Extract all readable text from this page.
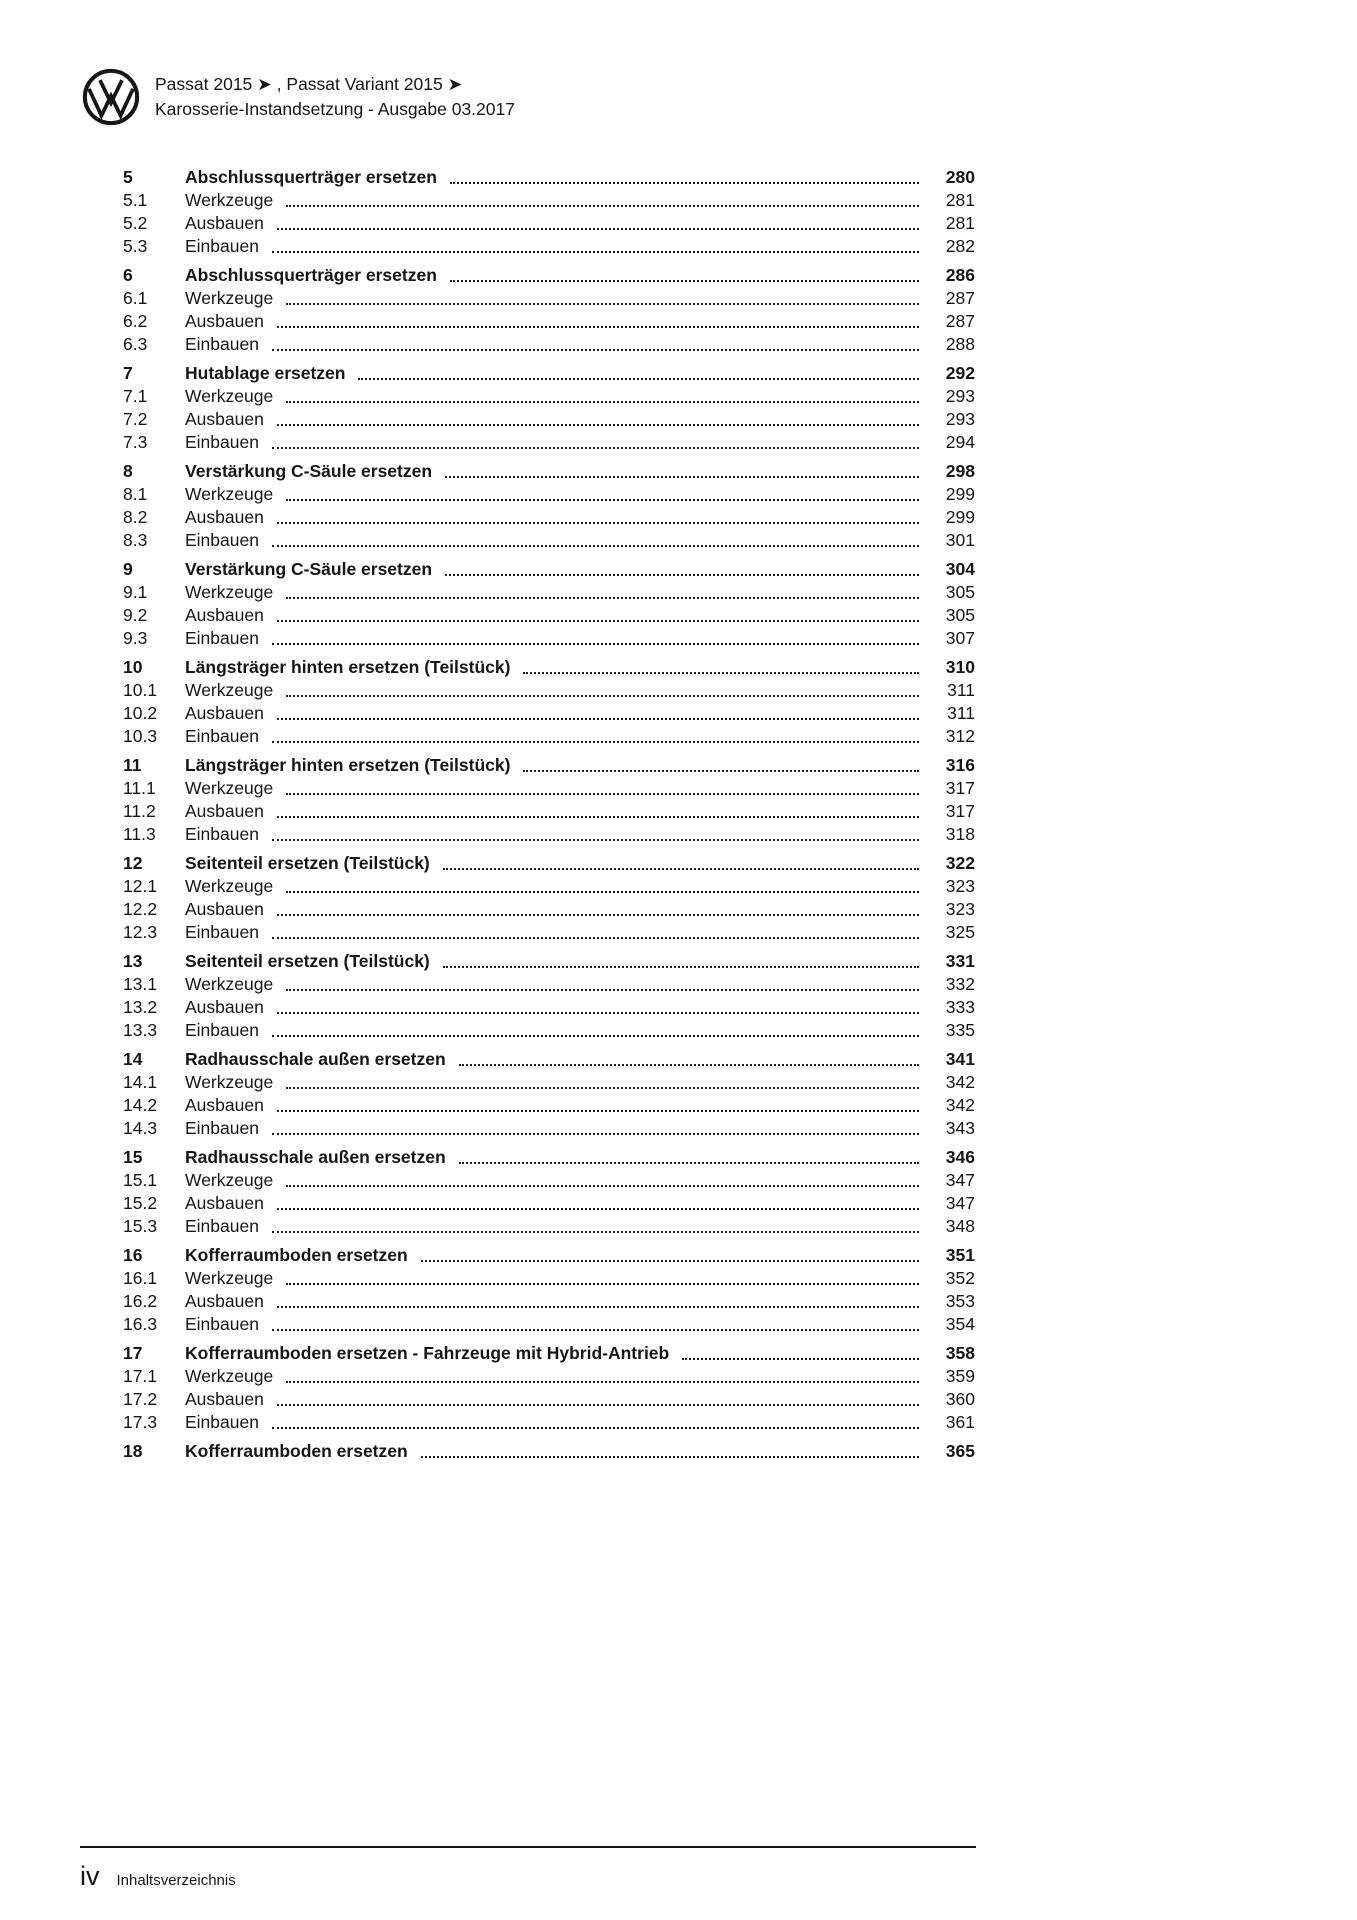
Passat 2015 ➤ , Passat Variant 2015 ➤
Karosserie-Instandsetzung - Ausgabe 03.2017
5	Abschlussquerträger ersetzen	280
5.1	Werkzeuge	281
5.2	Ausbauen	281
5.3	Einbauen	282
6	Abschlussquerträger ersetzen	286
6.1	Werkzeuge	287
6.2	Ausbauen	287
6.3	Einbauen	288
7	Hutablage ersetzen	292
7.1	Werkzeuge	293
7.2	Ausbauen	293
7.3	Einbauen	294
8	Verstärkung C-Säule ersetzen	298
8.1	Werkzeuge	299
8.2	Ausbauen	299
8.3	Einbauen	301
9	Verstärkung C-Säule ersetzen	304
9.1	Werkzeuge	305
9.2	Ausbauen	305
9.3	Einbauen	307
10	Längsträger hinten ersetzen (Teilstück)	310
10.1	Werkzeuge	311
10.2	Ausbauen	311
10.3	Einbauen	312
11	Längsträger hinten ersetzen (Teilstück)	316
11.1	Werkzeuge	317
11.2	Ausbauen	317
11.3	Einbauen	318
12	Seitenteil ersetzen (Teilstück)	322
12.1	Werkzeuge	323
12.2	Ausbauen	323
12.3	Einbauen	325
13	Seitenteil ersetzen (Teilstück)	331
13.1	Werkzeuge	332
13.2	Ausbauen	333
13.3	Einbauen	335
14	Radhausschale außen ersetzen	341
14.1	Werkzeuge	342
14.2	Ausbauen	342
14.3	Einbauen	343
15	Radhausschale außen ersetzen	346
15.1	Werkzeuge	347
15.2	Ausbauen	347
15.3	Einbauen	348
16	Kofferraumboden ersetzen	351
16.1	Werkzeuge	352
16.2	Ausbauen	353
16.3	Einbauen	354
17	Kofferraumboden ersetzen - Fahrzeuge mit Hybrid-Antrieb	358
17.1	Werkzeuge	359
17.2	Ausbauen	360
17.3	Einbauen	361
18	Kofferraumboden ersetzen	365
iv Inhaltsverzeichnis
